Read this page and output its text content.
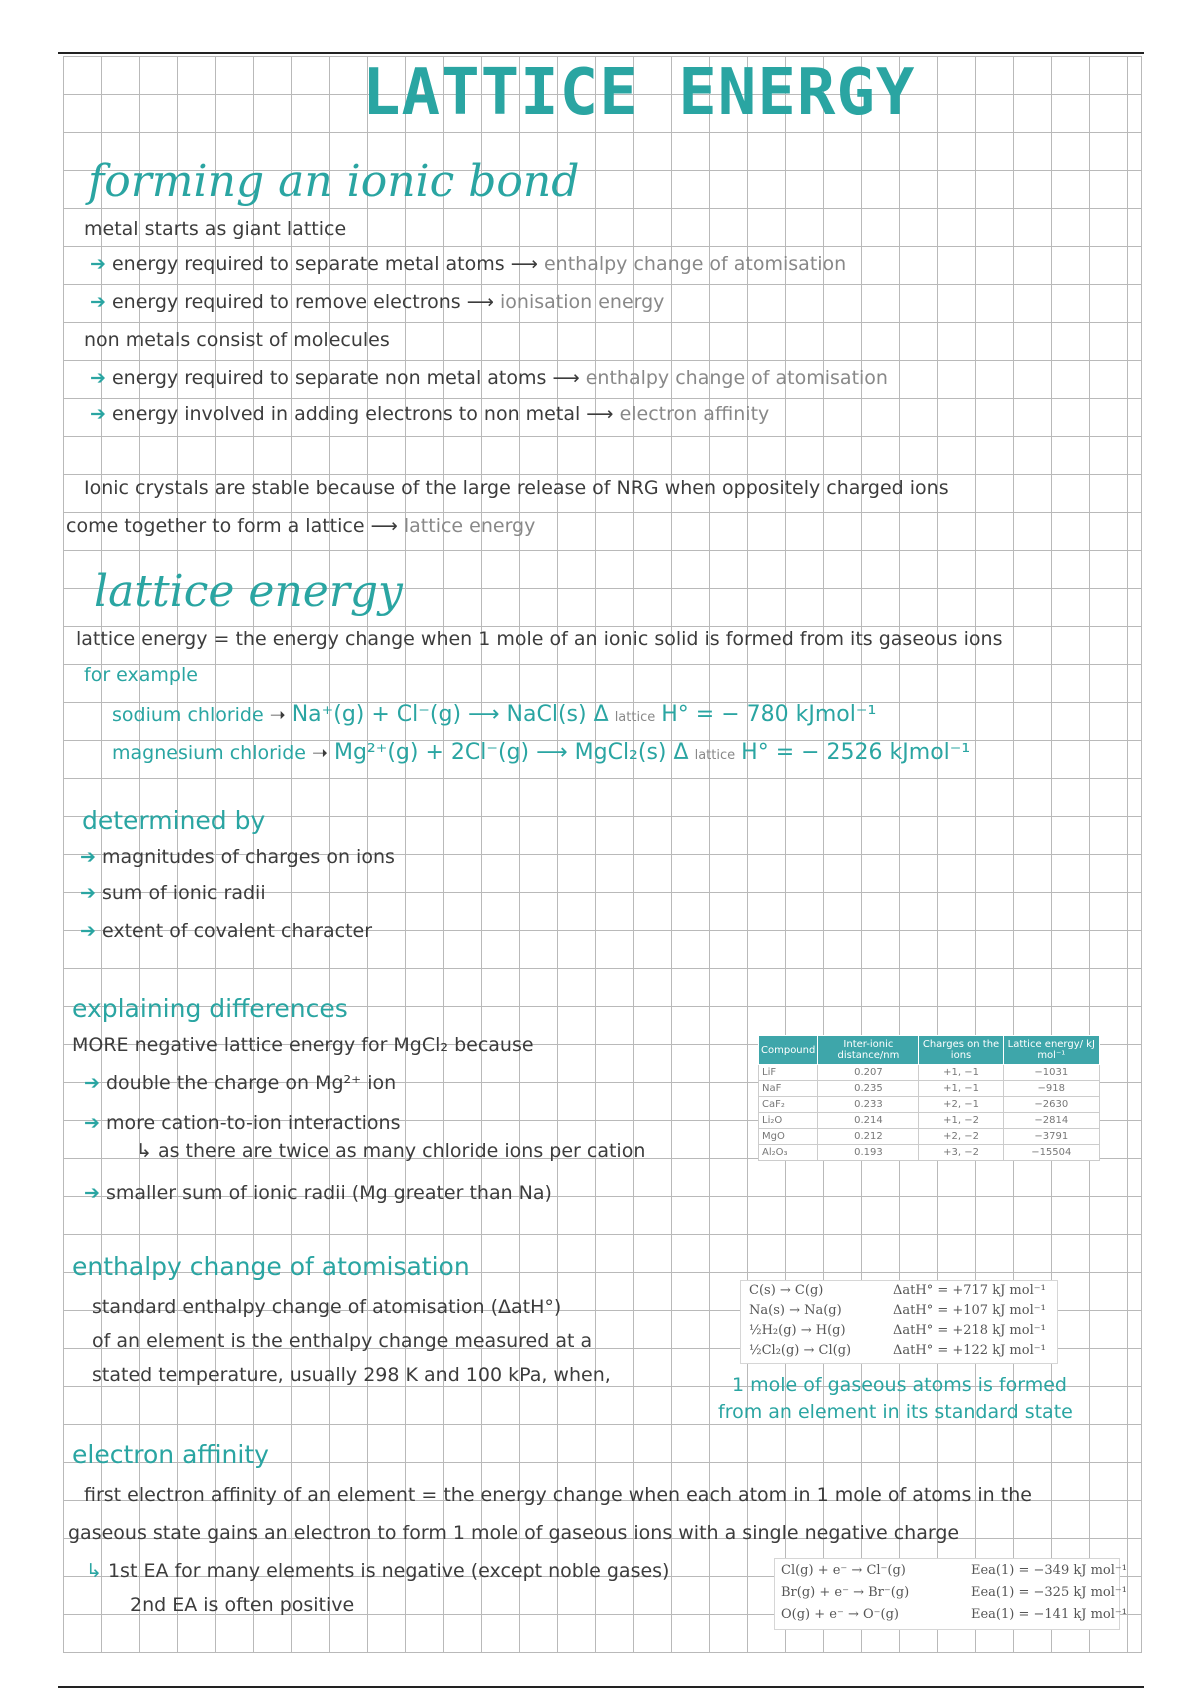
LATTICE ENERGY
forming an ionic bond
metal starts as giant lattice
➔ energy required to separate metal atoms ⟶ enthalpy change of atomisation
➔ energy required to remove electrons ⟶ ionisation energy
non metals consist of molecules
➔ energy required to separate non metal atoms ⟶ enthalpy change of atomisation
➔ energy involved in adding electrons to non metal ⟶ electron affinity
Ionic crystals are stable because of the large release of NRG when oppositely charged ions
come together to form a lattice ⟶ lattice energy
lattice energy
lattice energy = the energy change when 1 mole of an ionic solid is formed from its gaseous ions
for example
sodium chloride ➝ Na⁺(g) + Cl⁻(g) ⟶ NaCl(s) Δ lattice H° = − 780 kJmol⁻¹
magnesium chloride ➝ Mg²⁺(g) + 2Cl⁻(g) ⟶ MgCl₂(s) Δ lattice H° = − 2526 kJmol⁻¹
determined by
➔ magnitudes of charges on ions
➔ sum of ionic radii
➔ extent of covalent character
explaining differences
MORE negative lattice energy for MgCl₂ because
➔ double the charge on Mg²⁺ ion
➔ more cation-to-ion interactions
↳ as there are twice as many chloride ions per cation
➔ smaller sum of ionic radii (Mg greater than Na)
Compound	Inter-ionic distance/nm	Charges on the ions	Lattice energy/ kJ mol⁻¹
LiF	0.207	+1, −1	−1031
NaF	0.235	+1, −1	−918
CaF₂	0.233	+2, −1	−2630
Li₂O	0.214	+1, −2	−2814
MgO	0.212	+2, −2	−3791
Al₂O₃	0.193	+3, −2	−15504
enthalpy change of atomisation
standard enthalpy change of atomisation (ΔatH°)
of an element is the enthalpy change measured at a
stated temperature, usually 298 K and 100 kPa, when,	1 mole of gaseous atoms is formed
from an element in its standard state
C(s) → C(g)	ΔatH° = +717 kJ mol⁻¹
Na(s) → Na(g)	ΔatH° = +107 kJ mol⁻¹
½H₂(g) → H(g)	ΔatH° = +218 kJ mol⁻¹
½Cl₂(g) → Cl(g)	ΔatH° = +122 kJ mol⁻¹
electron affinity
first electron affinity of an element = the energy change when each atom in 1 mole of atoms in the
gaseous state gains an electron to form 1 mole of gaseous ions with a single negative charge
↳ 1st EA for many elements is negative (except noble gases)
2nd EA is often positive
Cl(g) + e⁻ → Cl⁻(g)	Eea(1) = −349 kJ mol⁻¹
Br(g) + e⁻ → Br⁻(g)	Eea(1) = −325 kJ mol⁻¹
O(g) + e⁻ → O⁻(g)	Eea(1) = −141 kJ mol⁻¹
